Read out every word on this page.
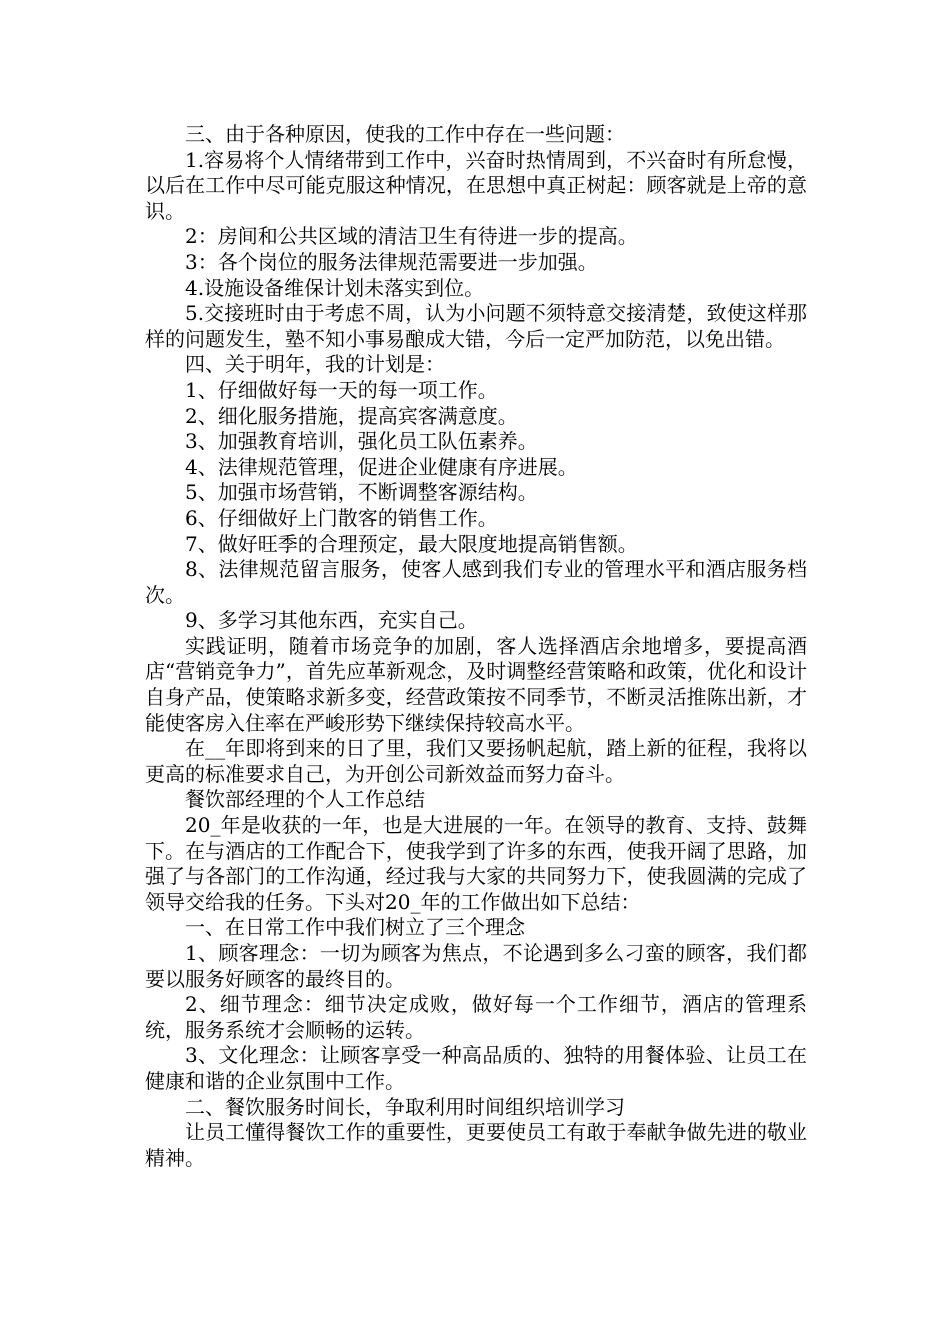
三、由于各种原因，使我的工作中存在一些问题：

1.容易将个人情绪带到工作中，兴奋时热情周到，不兴奋时有所怠慢，以后在工作中尽可能克服这种情况，在思想中真正树起：顾客就是上帝的意识。

2：房间和公共区域的清洁卫生有待进一步的提高。

3：各个岗位的服务法律规范需要进一步加强。

4.设施设备维保计划未落实到位。

5.交接班时由于考虑不周，认为小问题不须特意交接清楚，致使这样那样的问题发生，塾不知小事易酿成大错，今后一定严加防范，以免出错。

四、关于明年，我的计划是：

1、仔细做好每一天的每一项工作。

2、细化服务措施，提高宾客满意度。

3、加强教育培训，强化员工队伍素养。

4、法律规范管理，促进企业健康有序进展。

5、加强市场营销，不断调整客源结构。

6、仔细做好上门散客的销售工作。

7、做好旺季的合理预定，最大限度地提高销售额。

8、法律规范留言服务，使客人感到我们专业的管理水平和酒店服务档次。

9、多学习其他东西，充实自己。

实践证明，随着市场竞争的加剧，客人选择酒店余地增多，要提高酒店“营销竞争力”，首先应革新观念，及时调整经营策略和政策，优化和设计自身产品，使策略求新多变，经营政策按不同季节，不断灵活推陈出新，才能使客房入住率在严峻形势下继续保持较高水平。

在__年即将到来的日了里，我们又要扬帆起航，踏上新的征程，我将以更高的标准要求自己，为开创公司新效益而努力奋斗。

餐饮部经理的个人工作总结

20_年是收获的一年，也是大进展的一年。在领导的教育、支持、鼓舞下。在与酒店的工作配合下，使我学到了许多的东西，使我开阔了思路，加强了与各部门的工作沟通，经过我与大家的共同努力下，使我圆满的完成了领导交给我的任务。下头对20_年的工作做出如下总结：

一、在日常工作中我们树立了三个理念

1、顾客理念：一切为顾客为焦点，不论遇到多么刁蛮的顾客，我们都要以服务好顾客的最终目的。

2、细节理念：细节决定成败，做好每一个工作细节，酒店的管理系统，服务系统才会顺畅的运转。

3、文化理念：让顾客享受一种高品质的、独特的用餐体验、让员工在健康和谐的企业氛围中工作。

二、餐饮服务时间长，争取利用时间组织培训学习

让员工懂得餐饮工作的重要性，更要使员工有敢于奉献争做先进的敬业精神。
